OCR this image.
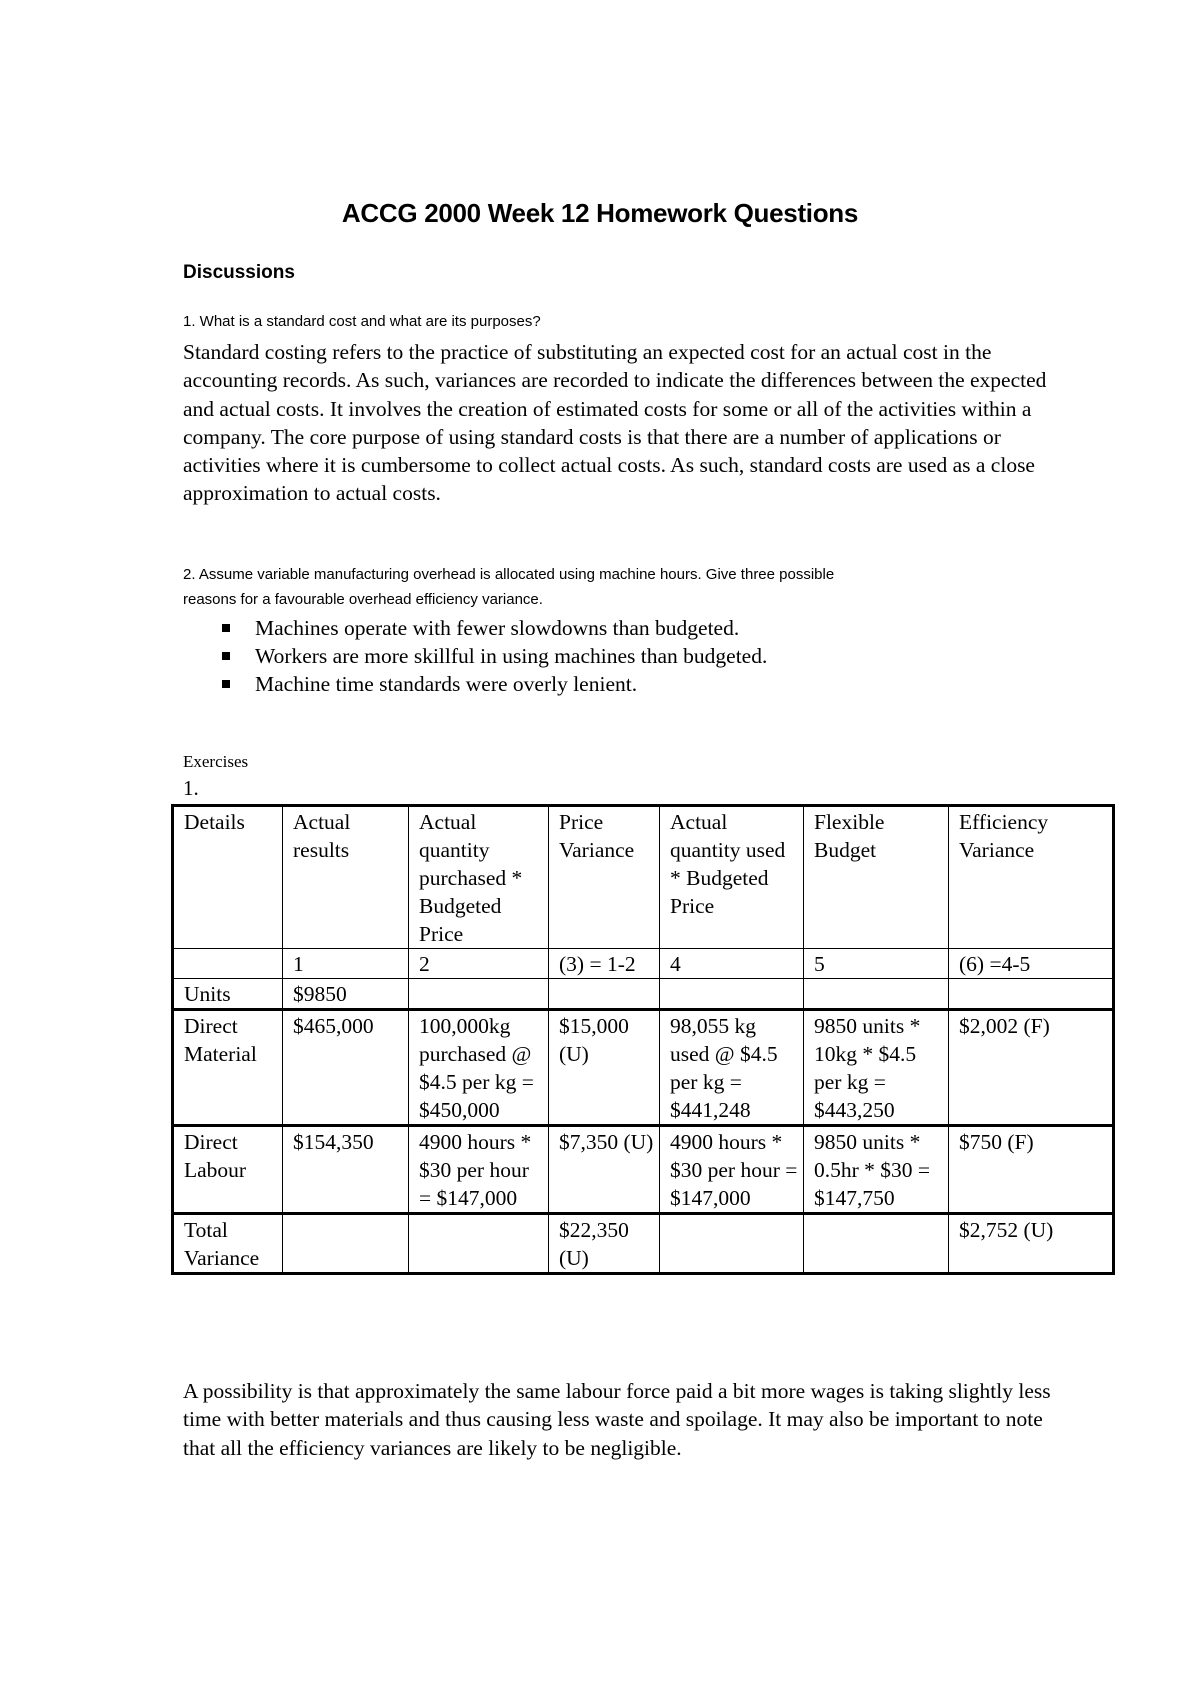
ACCG 2000 Week 12 Homework Questions
Discussions
1. What is a standard cost and what are its purposes?
Standard costing refers to the practice of substituting an expected cost for an actual cost in the accounting records. As such, variances are recorded to indicate the differences between the expected and actual costs. It involves the creation of estimated costs for some or all of the activities within a company. The core purpose of using standard costs is that there are a number of applications or activities where it is cumbersome to collect actual costs. As such, standard costs are used as a close approximation to actual costs.
2. Assume variable manufacturing overhead is allocated using machine hours. Give three possible
reasons for a favourable overhead efficiency variance.
Machines operate with fewer slowdowns than budgeted.
Workers are more skillful in using machines than budgeted.
Machine time standards were overly lenient.
Exercises
1.
Details	Actual results	Actual quantity purchased * Budgeted Price	Price Variance	Actual quantity used * Budgeted Price	Flexible Budget	Efficiency Variance
	1	2	(3) = 1-2	4	5	(6) =4-5
Units	$9850					
Direct Material	$465,000	100,000kg purchased @ $4.5 per kg = $450,000	$15,000 (U)	98,055 kg used @ $4.5 per kg = $441,248	9850 units * 10kg * $4.5 per kg = $443,250	$2,002 (F)
Direct Labour	$154,350	4900 hours * $30 per hour = $147,000	$7,350 (U)	4900 hours * $30 per hour = $147,000	9850 units * 0.5hr * $30 = $147,750	$750 (F)
Total Variance			$22,350 (U)			$2,752 (U)
A possibility is that approximately the same labour force paid a bit more wages is taking slightly less time with better materials and thus causing less waste and spoilage. It may also be important to note that all the efficiency variances are likely to be negligible.
